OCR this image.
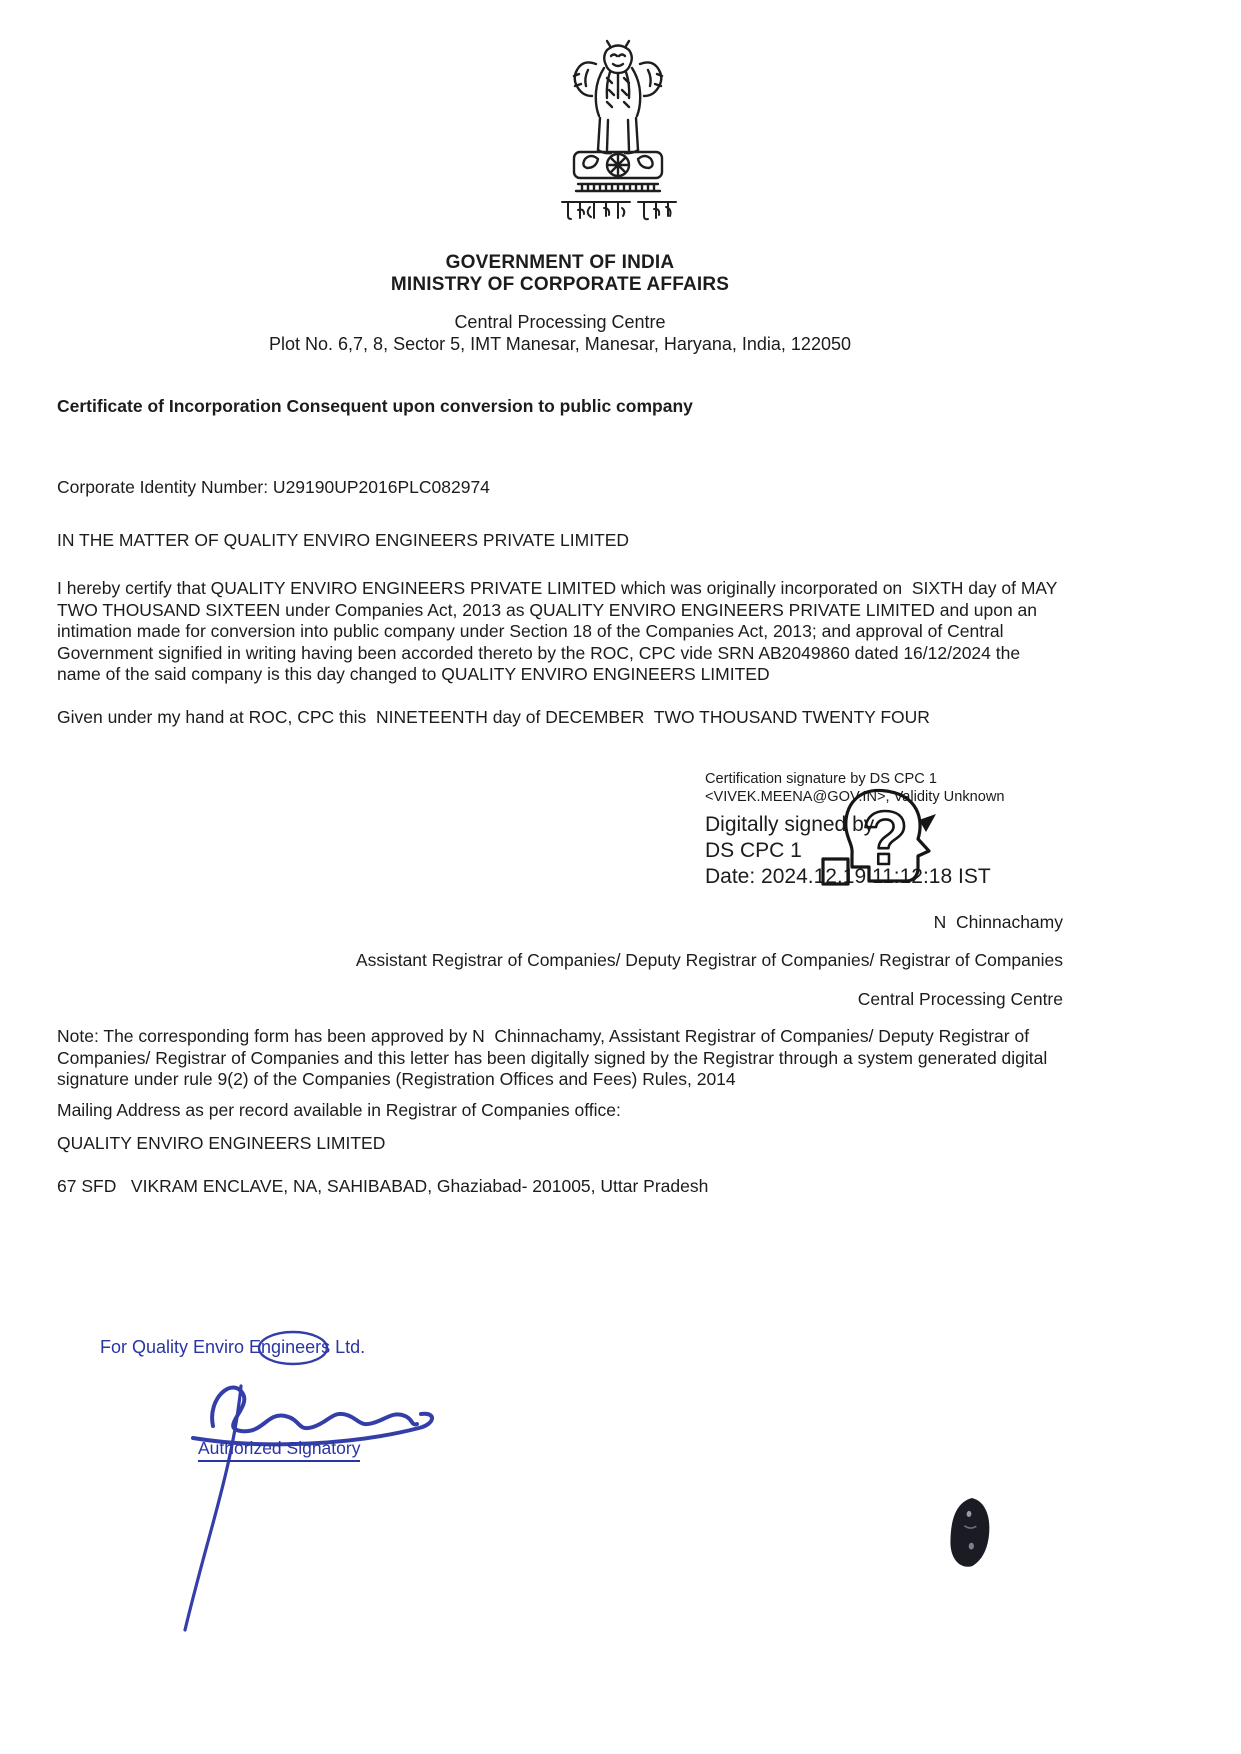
GOVERNMENT OF INDIA
MINISTRY OF CORPORATE AFFAIRS
Central Processing Centre
Plot No. 6,7, 8, Sector 5, IMT Manesar, Manesar, Haryana, India, 122050
Certificate of Incorporation Consequent upon conversion to public company
Corporate Identity Number: U29190UP2016PLC082974
IN THE MATTER OF QUALITY ENVIRO ENGINEERS PRIVATE LIMITED
I hereby certify that QUALITY ENVIRO ENGINEERS PRIVATE LIMITED which was originally incorporated on  SIXTH day of MAY  TWO THOUSAND SIXTEEN under Companies Act, 2013 as QUALITY ENVIRO ENGINEERS PRIVATE LIMITED and upon an intimation made for conversion into public company under Section 18 of the Companies Act, 2013; and approval of Central Government signified in writing having been accorded thereto by the ROC, CPC vide SRN AB2049860 dated 16/12/2024 the name of the said company is this day changed to QUALITY ENVIRO ENGINEERS LIMITED
Given under my hand at ROC, CPC this  NINETEENTH day of DECEMBER  TWO THOUSAND TWENTY FOUR
Certification signature by DS CPC 1
<VIVEK.MEENA@GOV.IN>, Validity Unknown
Digitally signed by
DS CPC 1
Date: 2024.12.19 11:12:18 IST
?
N  Chinnachamy
Assistant Registrar of Companies/ Deputy Registrar of Companies/ Registrar of Companies
Central Processing Centre
Note: The corresponding form has been approved by N  Chinnachamy, Assistant Registrar of Companies/ Deputy Registrar of Companies/ Registrar of Companies and this letter has been digitally signed by the Registrar through a system generated digital signature under rule 9(2) of the Companies (Registration Offices and Fees) Rules, 2014
Mailing Address as per record available in Registrar of Companies office:
QUALITY ENVIRO ENGINEERS LIMITED
67 SFD   VIKRAM ENCLAVE, NA, SAHIBABAD, Ghaziabad- 201005, Uttar Pradesh
For Quality Enviro Engineers Ltd.
Authorized Signatory
